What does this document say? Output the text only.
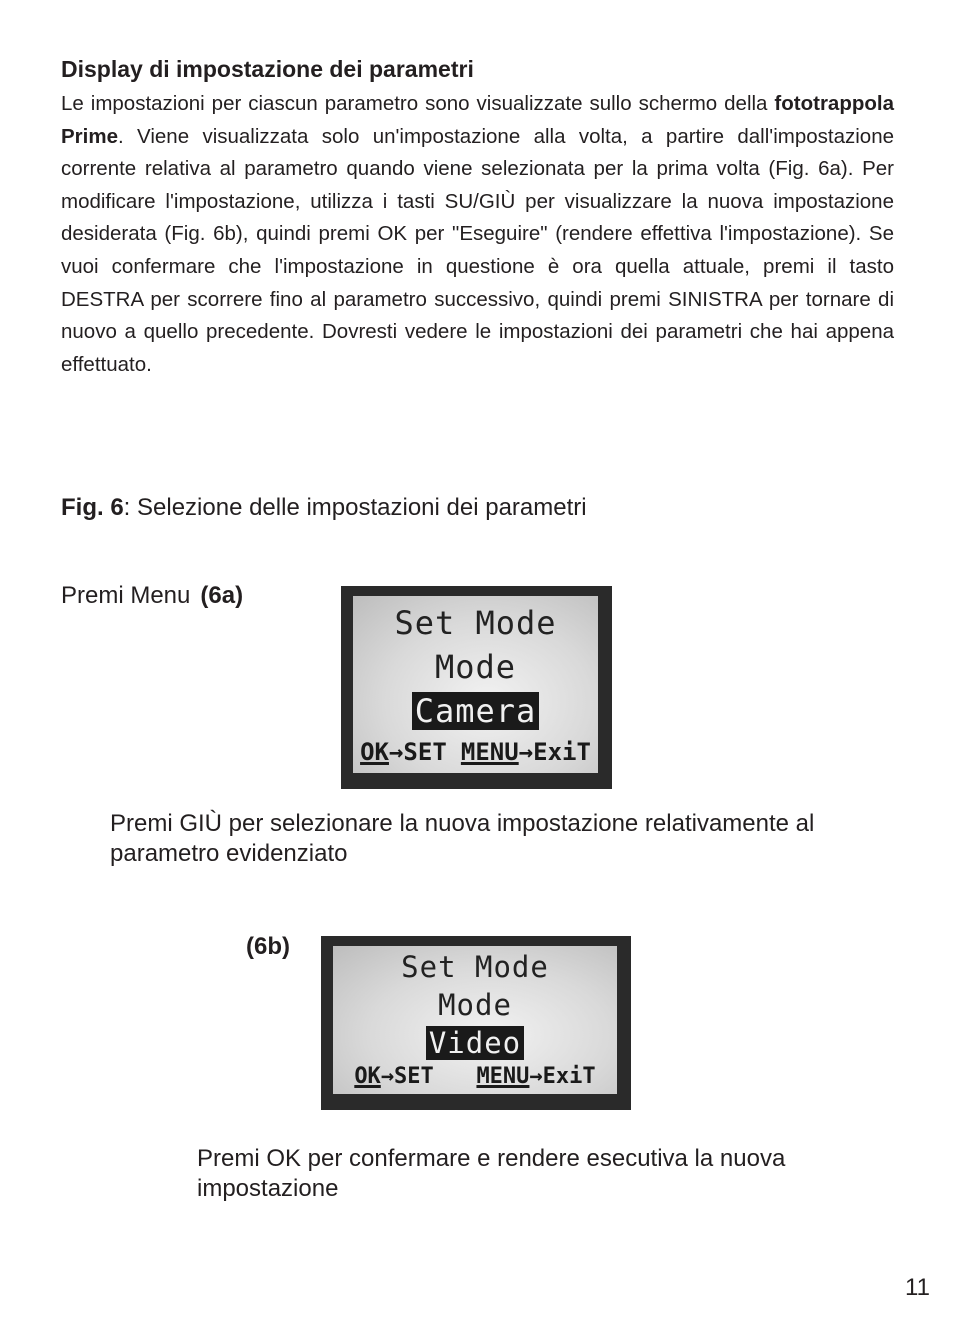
Display di impostazione dei parametri

Le impostazioni per ciascun parametro sono visualizzate sullo schermo della fototrappola Prime. Viene visualizzata solo un'impostazione alla volta, a partire dall'impostazione corrente relativa al parametro quando viene selezionata per la prima volta (Fig. 6a). Per modificare l'impostazione, utilizza i tasti SU/GIÙ per visualizzare la nuova impostazione desiderata (Fig. 6b), quindi premi OK per "Eseguire" (rendere effettiva l'impostazione). Se vuoi confermare che l'impostazione in questione è ora quella attuale, premi il tasto DESTRA per scorrere fino al parametro successivo, quindi premi SINISTRA per tornare di nuovo a quello precedente. Dovresti vedere le impostazioni dei parametri che hai appena effettuato.

Fig. 6: Selezione delle impostazioni dei parametri

Premi Menu (6a)

Set Mode
Mode
Camera
OK→SET MENU→ExiT

Premi GIÙ per selezionare la nuova impostazione relativamente al parametro evidenziato

(6b)

Set Mode
Mode
Video
OK→SET MENU→ExiT

Premi OK per confermare e rendere esecutiva la nuova impostazione

11
